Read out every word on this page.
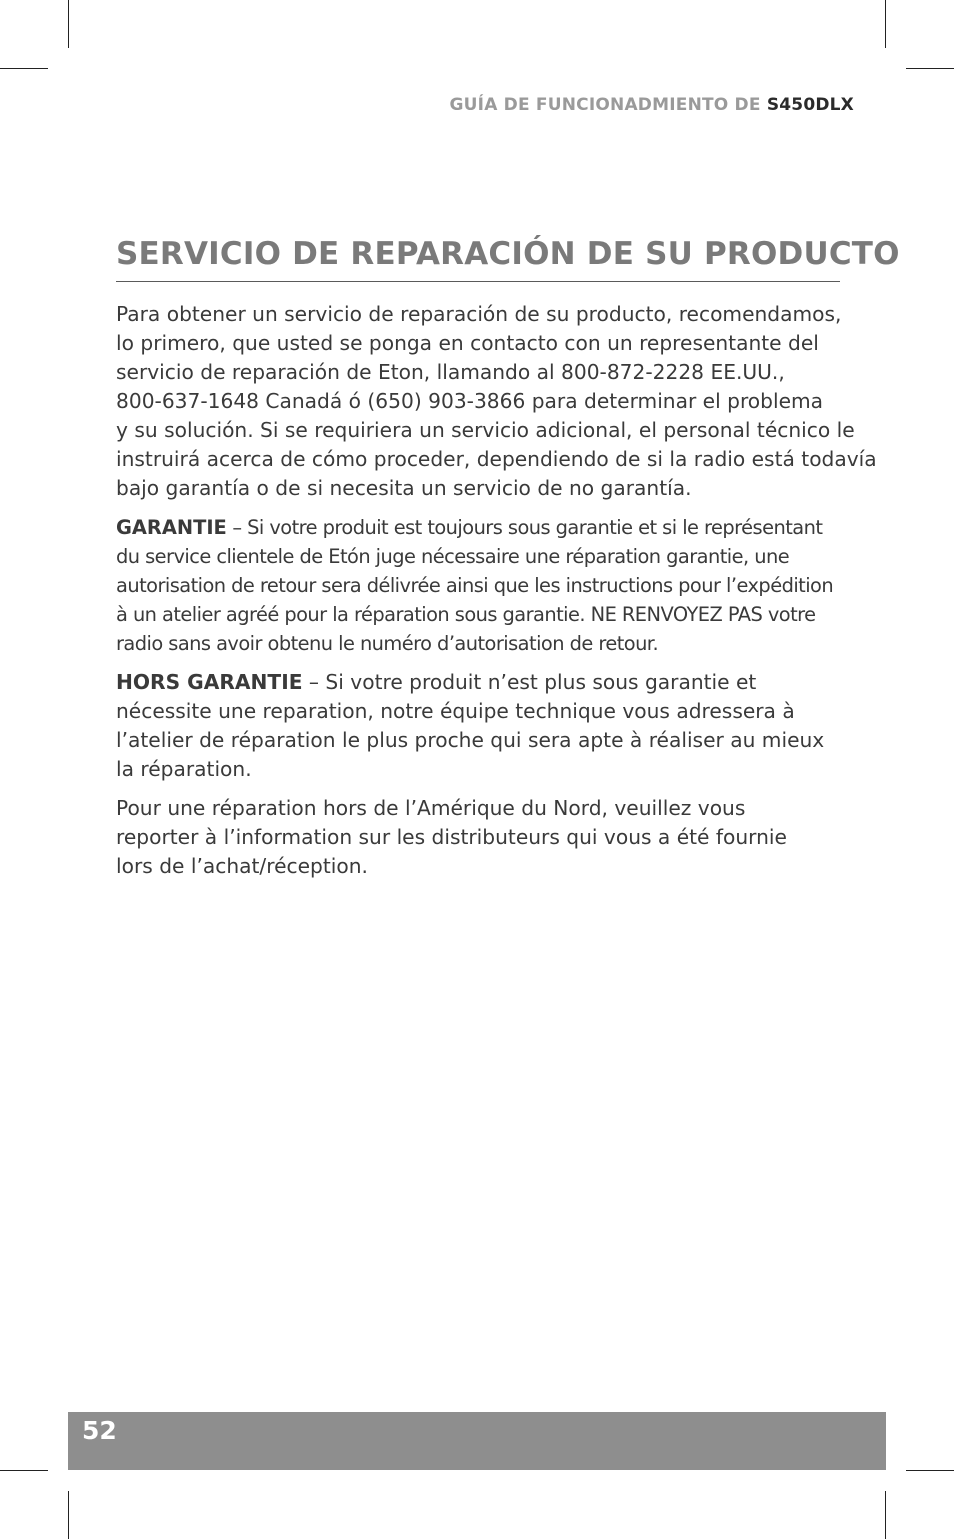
GUÍA DE FUNCIONADMIENTO DE S450DLX
SERVICIO DE REPARACIÓN DE SU PRODUCTO

Para obtener un servicio de reparación de su producto, recomendamos,
lo primero, que usted se ponga en contacto con un representante del
servicio de reparación de Eton, llamando al 800-872-2228 EE.UU.,
800-637-1648 Canadá ó (650) 903-3866 para determinar el problema
y su solución. Si se requiriera un servicio adicional, el personal técnico le
instruirá acerca de cómo proceder, dependiendo de si la radio está todavía
bajo garantía o de si necesita un servicio de no garantía.

GARANTIE – Si votre produit est toujours sous garantie et si le représentant
du service clientele de Etón juge nécessaire une réparation garantie, une
autorisation de retour sera délivrée ainsi que les instructions pour l’expédition
à un atelier agréé pour la réparation sous garantie. NE RENVOYEZ PAS votre
radio sans avoir obtenu le numéro d’autorisation de retour.

HORS GARANTIE – Si votre produit n’est plus sous garantie et
nécessite une reparation, notre équipe technique vous adressera à
l’atelier de réparation le plus proche qui sera apte à réaliser au mieux
la réparation.

Pour une réparation hors de l’Amérique du Nord, veuillez vous
reporter à l’information sur les distributeurs qui vous a été fournie
lors de l’achat/réception.

52
